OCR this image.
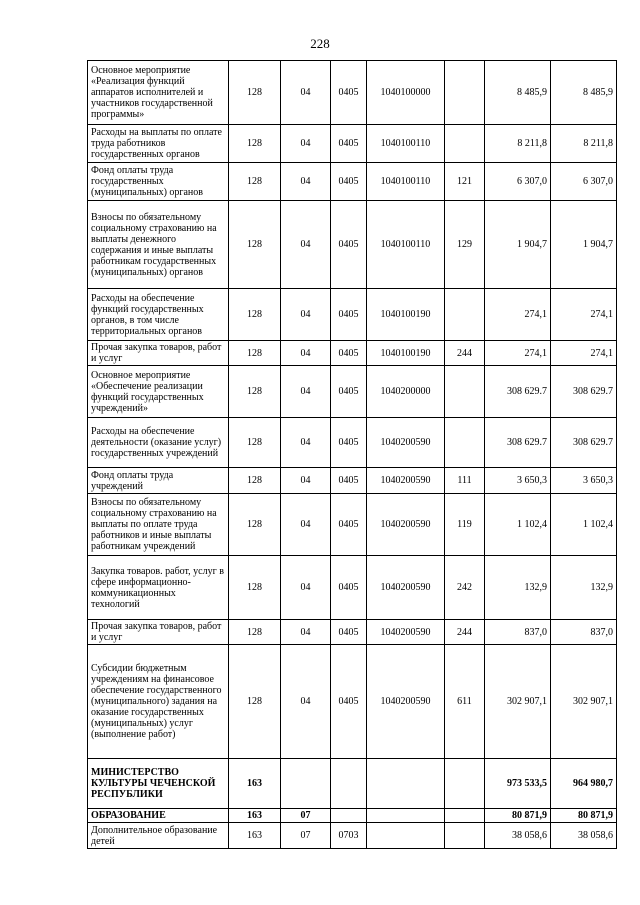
228
Основное мероприятие «Реализация функций аппаратов исполнителей и участников государственной программы»	128	04	0405	1040100000		8 485,9	8 485,9
Расходы на выплаты по оплате труда работников государственных органов	128	04	0405	1040100110		8 211,8	8 211,8
Фонд оплаты труда государственных (муниципальных) органов	128	04	0405	1040100110	121	6 307,0	6 307,0
Взносы по обязательному социальному страхованию на выплаты денежного содержания и иные выплаты работникам государственных (муниципальных) органов	128	04	0405	1040100110	129	1 904,7	1 904,7
Расходы на обеспечение функций государственных органов, в том числе территориальных органов	128	04	0405	1040100190		274,1	274,1
Прочая закупка товаров, работ и услуг	128	04	0405	1040100190	244	274,1	274,1
Основное мероприятие «Обеспечение реализации функций государственных учреждений»	128	04	0405	1040200000		308 629.7	308 629.7
Расходы на обеспечение деятельности (оказание услуг) государственных учреждений	128	04	0405	1040200590		308 629.7	308 629.7
Фонд оплаты труда учреждений	128	04	0405	1040200590	111	3 650,3	3 650,3
Взносы по обязательному социальному страхованию на выплаты по оплате труда работников и иные выплаты работникам учреждений	128	04	0405	1040200590	119	1 102,4	1 102,4
Закупка товаров. работ, услуг в сфере информационно-коммуникационных технологий	128	04	0405	1040200590	242	132,9	132,9
Прочая закупка товаров, работ и услуг	128	04	0405	1040200590	244	837,0	837,0
Субсидии бюджетным учреждениям на финансовое обеспечение государственного (муниципального) задания на оказание государственных (муниципальных) услуг (выполнение работ)	128	04	0405	1040200590	611	302 907,1	302 907,1
МИНИСТЕРСТВО КУЛЬТУРЫ ЧЕЧЕНСКОЙ РЕСПУБЛИКИ	163					973 533,5	964 980,7
ОБРАЗОВАНИЕ	163	07				80 871,9	80 871,9
Дополнительное образование детей	163	07	0703			38 058,6	38 058,6
